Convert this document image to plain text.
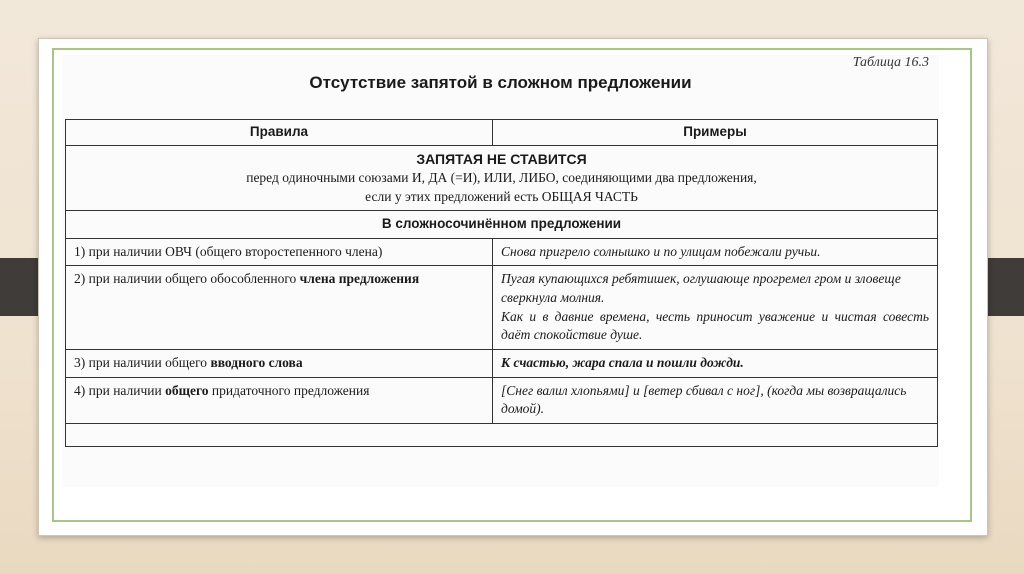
Таблица 16.3
Отсутствие запятой в сложном предложении
Правила	Примеры

ЗАПЯТАЯ НЕ СТАВИТСЯ
перед одиночными союзами И, ДА (=И), ИЛИ, ЛИБО, соединяющими два предложения,
если у этих предложений есть ОБЩАЯ ЧАСТЬ	

В сложносочинённом предложении	
1) при наличии ОВЧ (общего второстепенного члена)	Снова пригрело солнышко и по улицам побежали ручьи.
2) при наличии общего обособленного члена предложения	Пугая купающихся ребятишек, оглушающе прогремел гром и зловеще сверкнула молния.
Как и в давние времена, честь приносит уважение и чистая совесть даёт спокойствие душе.

3) при наличии общего вводного слова	К счастью, жара спала и пошли дожди.
4) при наличии общего придаточного предложения	[Снег валил хлопьями] и [ветер сбивал с ног], (когда мы возвращались домой).
